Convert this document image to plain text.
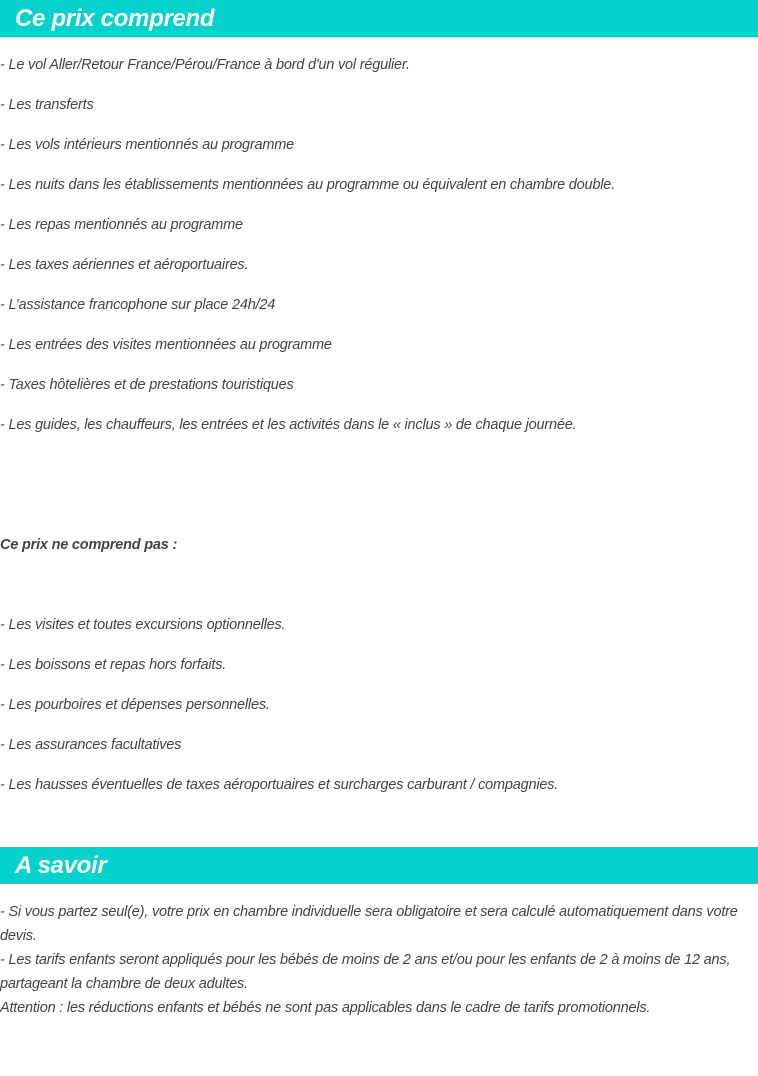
Ce prix comprend
- Le vol Aller/Retour France/Pérou/France à bord d'un vol régulier.
- Les transferts
- Les vols intérieurs mentionnés au programme
- Les nuits dans les établissements mentionnées au programme ou équivalent en chambre double.
- Les repas mentionnés au programme
- Les taxes aériennes et aéroportuaires.
- L’assistance francophone sur place 24h/24
- Les entrées des visites mentionnées au programme
- Taxes hôtelières et de prestations touristiques
- Les guides, les chauffeurs, les entrées et les activités dans le « inclus » de chaque journée.
Ce prix ne comprend pas :
- Les visites et toutes excursions optionnelles.
- Les boissons et repas hors forfaits.
- Les pourboires et dépenses personnelles.
- Les assurances facultatives
- Les hausses éventuelles de taxes aéroportuaires et surcharges carburant / compagnies.
A savoir

- Si vous partez seul(e), votre prix en chambre individuelle sera obligatoire et sera calculé automatiquement dans votre devis.

- Les tarifs enfants seront appliqués pour les bébés de moins de 2 ans et/ou pour les enfants de 2 à moins de 12 ans, partageant la chambre de deux adultes.

Attention : les réductions enfants et bébés ne sont pas applicables dans le cadre de tarifs promotionnels.
